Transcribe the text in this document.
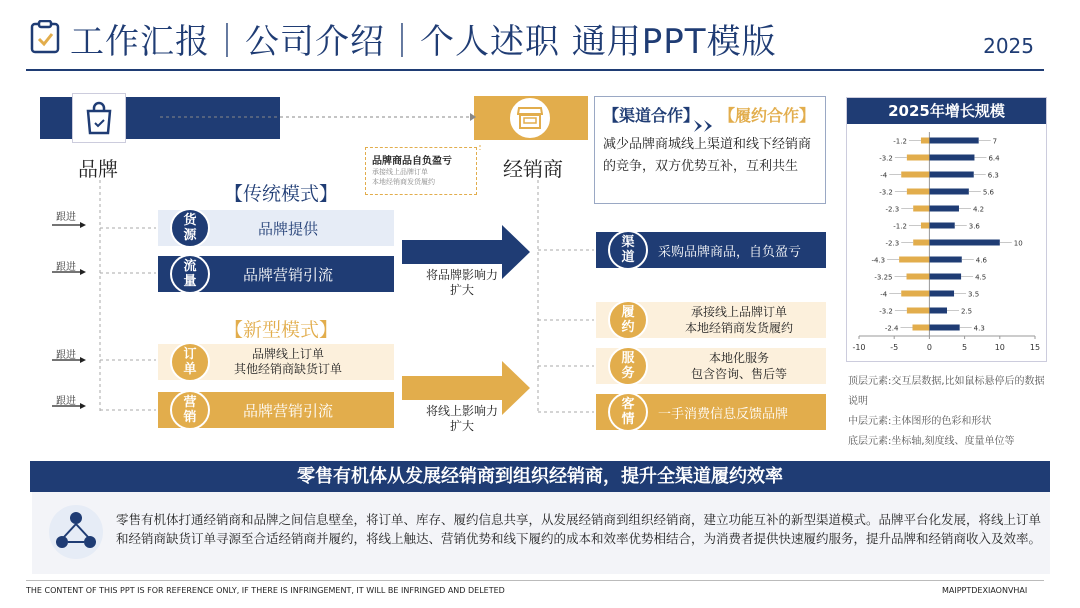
工作汇报｜公司介绍｜个人述职 通用PPT模版	2025
品牌	经销商
品牌商品自负盈亏
承接线上品牌订单
本地经销商发货履约
【传统模式】
跟进
品牌提供
货
源
跟进	品牌营销引流
流
量	将品牌影响力
扩大
【新型模式】
跟进	品牌线上订单
其他经销商缺货订单
订
单
跟进	品牌营销引流
营
销	将线上影响力
扩大
采购品牌商品，自负盈亏
渠
道
承接线上品牌订单
本地经销商发货履约
履
约
本地化服务
包含咨询、售后等
服
务
一手消费信息反馈品牌
客
情
【渠道合作】 【履约合作】
减少品牌商城线上渠道和线下经销商的竞争，双方优势互补，互利共生
2025年增长规模
-10	-5	0	5	10	15
-1.2	7
-3.2	6.4
-4	6.3
-3.2	5.6
-2.3	4.2
-1.2	3.6
-2.3	10
-4.3	4.6
-3.25	4.5
-4	3.5
-3.2	2.5
-2.4	4.3
顶层元素:交互层数据,比如鼠标悬停后的数据说明
中层元素:主体图形的色彩和形状
底层元素:坐标轴,刻度线、度量单位等
零售有机体从发展经销商到组织经销商，提升全渠道履约效率
零售有机体打通经销商和品牌之间信息壁垒，将订单、库存、履约信息共享，从发展经销商到组织经销商，建立功能互补的新型渠道模式。品牌平台化发展，将线上订单和经销商缺货订单寻源至合适经销商并履约，将线上触达、营销优势和线下履约的成本和效率优势相结合，为消费者提供快速履约服务，提升品牌和经销商收入及效率。
THE CONTENT OF THIS PPT IS FOR REFERENCE ONLY, IF THERE IS INFRINGEMENT, IT WILL BE INFRINGED AND DELETED	MAIPPTDEXIAONVHAI
